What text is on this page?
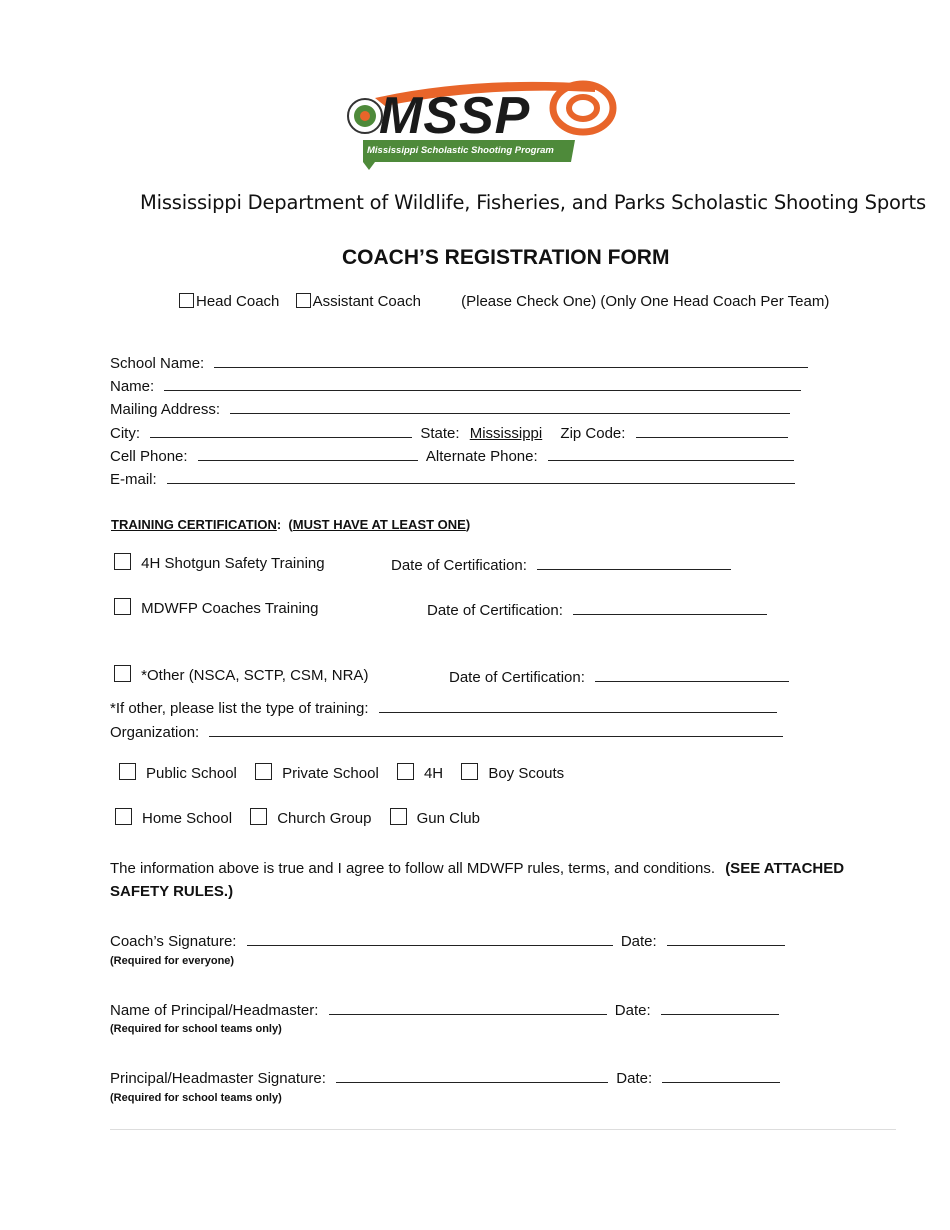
MSSP
Mississippi Scholastic Shooting Program
Mississippi Department of Wildlife, Fisheries, and Parks Scholastic Shooting Sports
COACH’S REGISTRATION FORM
Head Coach Assistant Coach	(Please Check One) (Only One Head Coach Per Team)
School Name:
Name:
Mailing Address:
City:	State: Mississippi Zip Code:
Cell Phone:	Alternate Phone:
E-mail:
TRAINING CERTIFICATION:  (MUST HAVE AT LEAST ONE)
4H Shotgun Safety Training	Date of Certification:
MDWFP Coaches Training	Date of Certification:
*Other (NSCA, SCTP, CSM, NRA)	Date of Certification:
*If other, please list the type of training:
Organization:
Public School	Private School	4H	Boy Scouts
Home School	Church Group	Gun Club
The information above is true and I agree to follow all MDWFP rules, terms, and conditions. (SEE ATTACHED
SAFETY RULES.)
Coach’s Signature:	Date:
(Required for everyone)
Name of Principal/Headmaster:	Date:
(Required for school teams only)
Principal/Headmaster Signature:	Date:
(Required for school teams only)
